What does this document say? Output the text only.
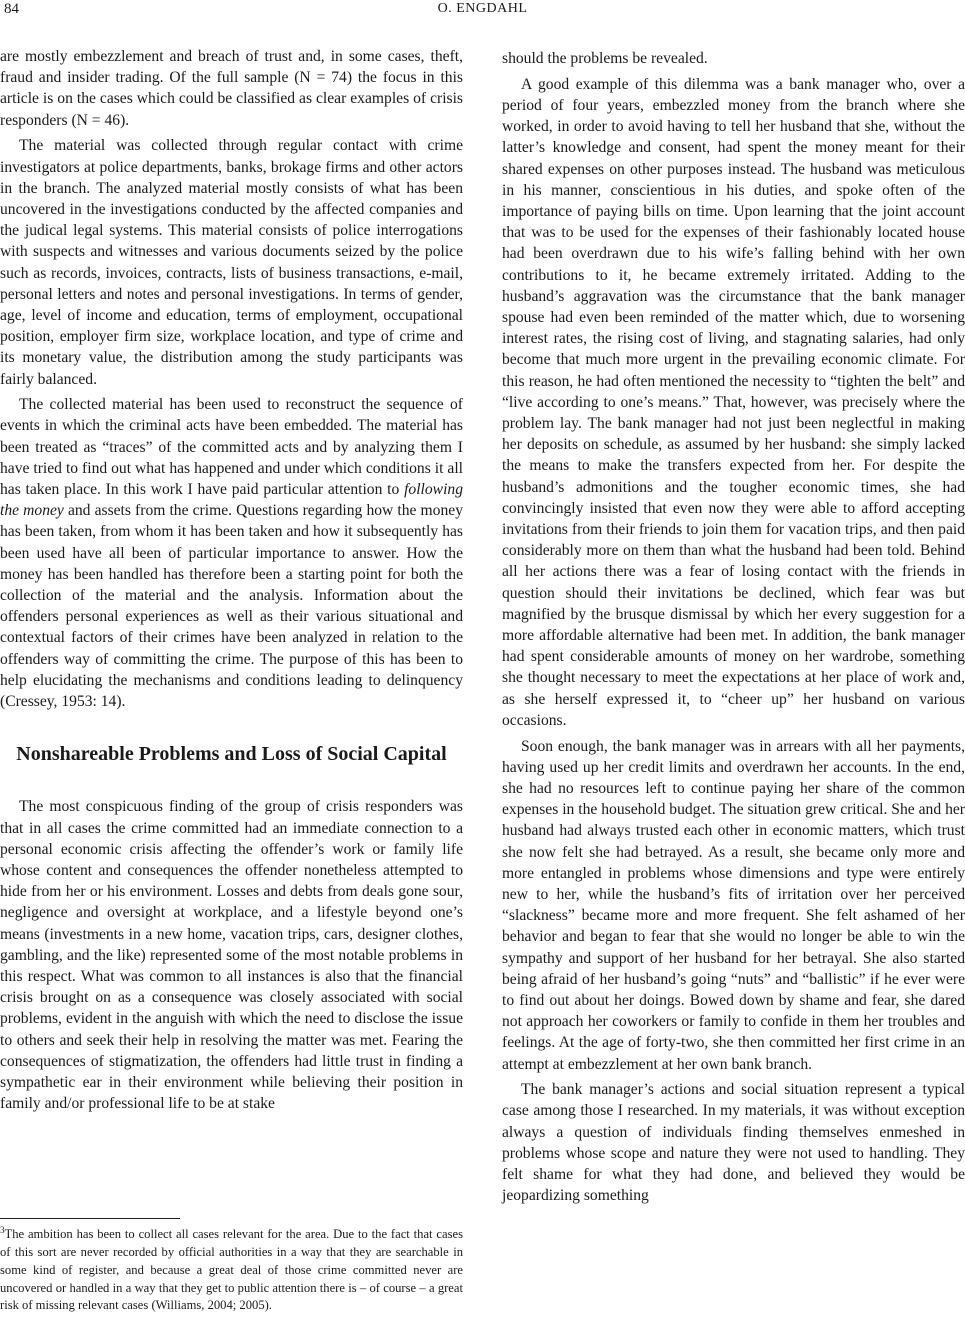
84	O. ENGDAHL

are mostly embezzlement and breach of trust and, in some cases, theft, fraud and insider trading. Of the full sample (N = 74) the focus in this article is on the cases which could be classified as clear examples of crisis responders (N = 46).

The material was collected through regular contact with crime investigators at police departments, banks, brokage firms and other actors in the branch. The analyzed material mostly consists of what has been uncovered in the investigations conducted by the affected companies and the judical legal systems. This material consists of police interrogations with suspects and witnesses and various documents seized by the police such as records, invoices, contracts, lists of business transactions, e-mail, personal letters and notes and personal investigations. In terms of gender, age, level of income and education, terms of employment, occupational position, employer firm size, workplace location, and type of crime and its monetary value, the distribution among the study participants was fairly balanced.

The collected material has been used to reconstruct the sequence of events in which the criminal acts have been embedded. The material has been treated as “traces” of the committed acts and by analyzing them I have tried to find out what has happened and under which conditions it all has taken place. In this work I have paid particular attention to following the money and assets from the crime. Questions regarding how the money has been taken, from whom it has been taken and how it subsequently has been used have all been of particular importance to answer. How the money has been handled has therefore been a starting point for both the collection of the material and the analysis. Information about the offenders personal experiences as well as their various situational and contextual factors of their crimes have been analyzed in relation to the offenders way of committing the crime. The purpose of this has been to help elucidating the mechanisms and conditions leading to delinquency (Cressey, 1953: 14).

Nonshareable Problems and Loss of Social Capital

The most conspicuous finding of the group of crisis responders was that in all cases the crime committed had an immediate connection to a personal economic crisis affecting the offender’s work or family life whose content and consequences the offender nonetheless attempted to hide from her or his environment. Losses and debts from deals gone sour, negligence and oversight at workplace, and a lifestyle beyond one’s means (investments in a new home, vacation trips, cars, designer clothes, gambling, and the like) represented some of the most notable problems in this respect. What was common to all instances is also that the financial crisis brought on as a consequence was closely associated with social problems, evident in the anguish with which the need to disclose the issue to others and seek their help in resolving the matter was met. Fearing the consequences of stigmatization, the offenders had little trust in finding a sympathetic ear in their environment while believing their position in family and/or professional life to be at stake

$^3$The ambition has been to collect all cases relevant for the area. Due to the fact that cases of this sort are never recorded by official authorities in a way that they are searchable in some kind of register, and because a great deal of those crime committed never are uncovered or handled in a way that they get to public attention there is – of course – a great risk of missing relevant cases (Williams, 2004; 2005).

should the problems be revealed.

A good example of this dilemma was a bank manager who, over a period of four years, embezzled money from the branch where she worked, in order to avoid having to tell her husband that she, without the latter’s knowledge and consent, had spent the money meant for their shared expenses on other purposes instead. The husband was meticulous in his manner, conscientious in his duties, and spoke often of the importance of paying bills on time. Upon learning that the joint account that was to be used for the expenses of their fashionably located house had been overdrawn due to his wife’s falling behind with her own contributions to it, he became extremely irritated. Adding to the husband’s aggravation was the circumstance that the bank manager spouse had even been reminded of the matter which, due to worsening interest rates, the rising cost of living, and stagnating salaries, had only become that much more urgent in the prevailing economic climate. For this reason, he had often mentioned the necessity to “tighten the belt” and “live according to one’s means.” That, however, was precisely where the problem lay. The bank manager had not just been neglectful in making her deposits on schedule, as assumed by her husband: she simply lacked the means to make the transfers expected from her. For despite the husband’s admonitions and the tougher economic times, she had convincingly insisted that even now they were able to afford accepting invitations from their friends to join them for vacation trips, and then paid considerably more on them than what the husband had been told. Behind all her actions there was a fear of losing contact with the friends in question should their invitations be declined, which fear was but magnified by the brusque dismissal by which her every suggestion for a more affordable alternative had been met. In addition, the bank manager had spent considerable amounts of money on her wardrobe, something she thought necessary to meet the expectations at her place of work and, as she herself expressed it, to “cheer up” her husband on various occasions.

Soon enough, the bank manager was in arrears with all her payments, having used up her credit limits and overdrawn her accounts. In the end, she had no resources left to continue paying her share of the common expenses in the household budget. The situation grew critical. She and her husband had always trusted each other in economic matters, which trust she now felt she had betrayed. As a result, she became only more and more entangled in problems whose dimensions and type were entirely new to her, while the husband’s fits of irritation over her perceived “slackness” became more and more frequent. She felt ashamed of her behavior and began to fear that she would no longer be able to win the sympathy and support of her husband for her betrayal. She also started being afraid of her husband’s going “nuts” and “ballistic” if he ever were to find out about her doings. Bowed down by shame and fear, she dared not approach her coworkers or family to confide in them her troubles and feelings. At the age of forty-two, she then committed her first crime in an attempt at embezzlement at her own bank branch.

The bank manager’s actions and social situation represent a typical case among those I researched. In my materials, it was without exception always a question of individuals finding themselves enmeshed in problems whose scope and nature they were not used to handling. They felt shame for what they had done, and believed they would be jeopardizing something
